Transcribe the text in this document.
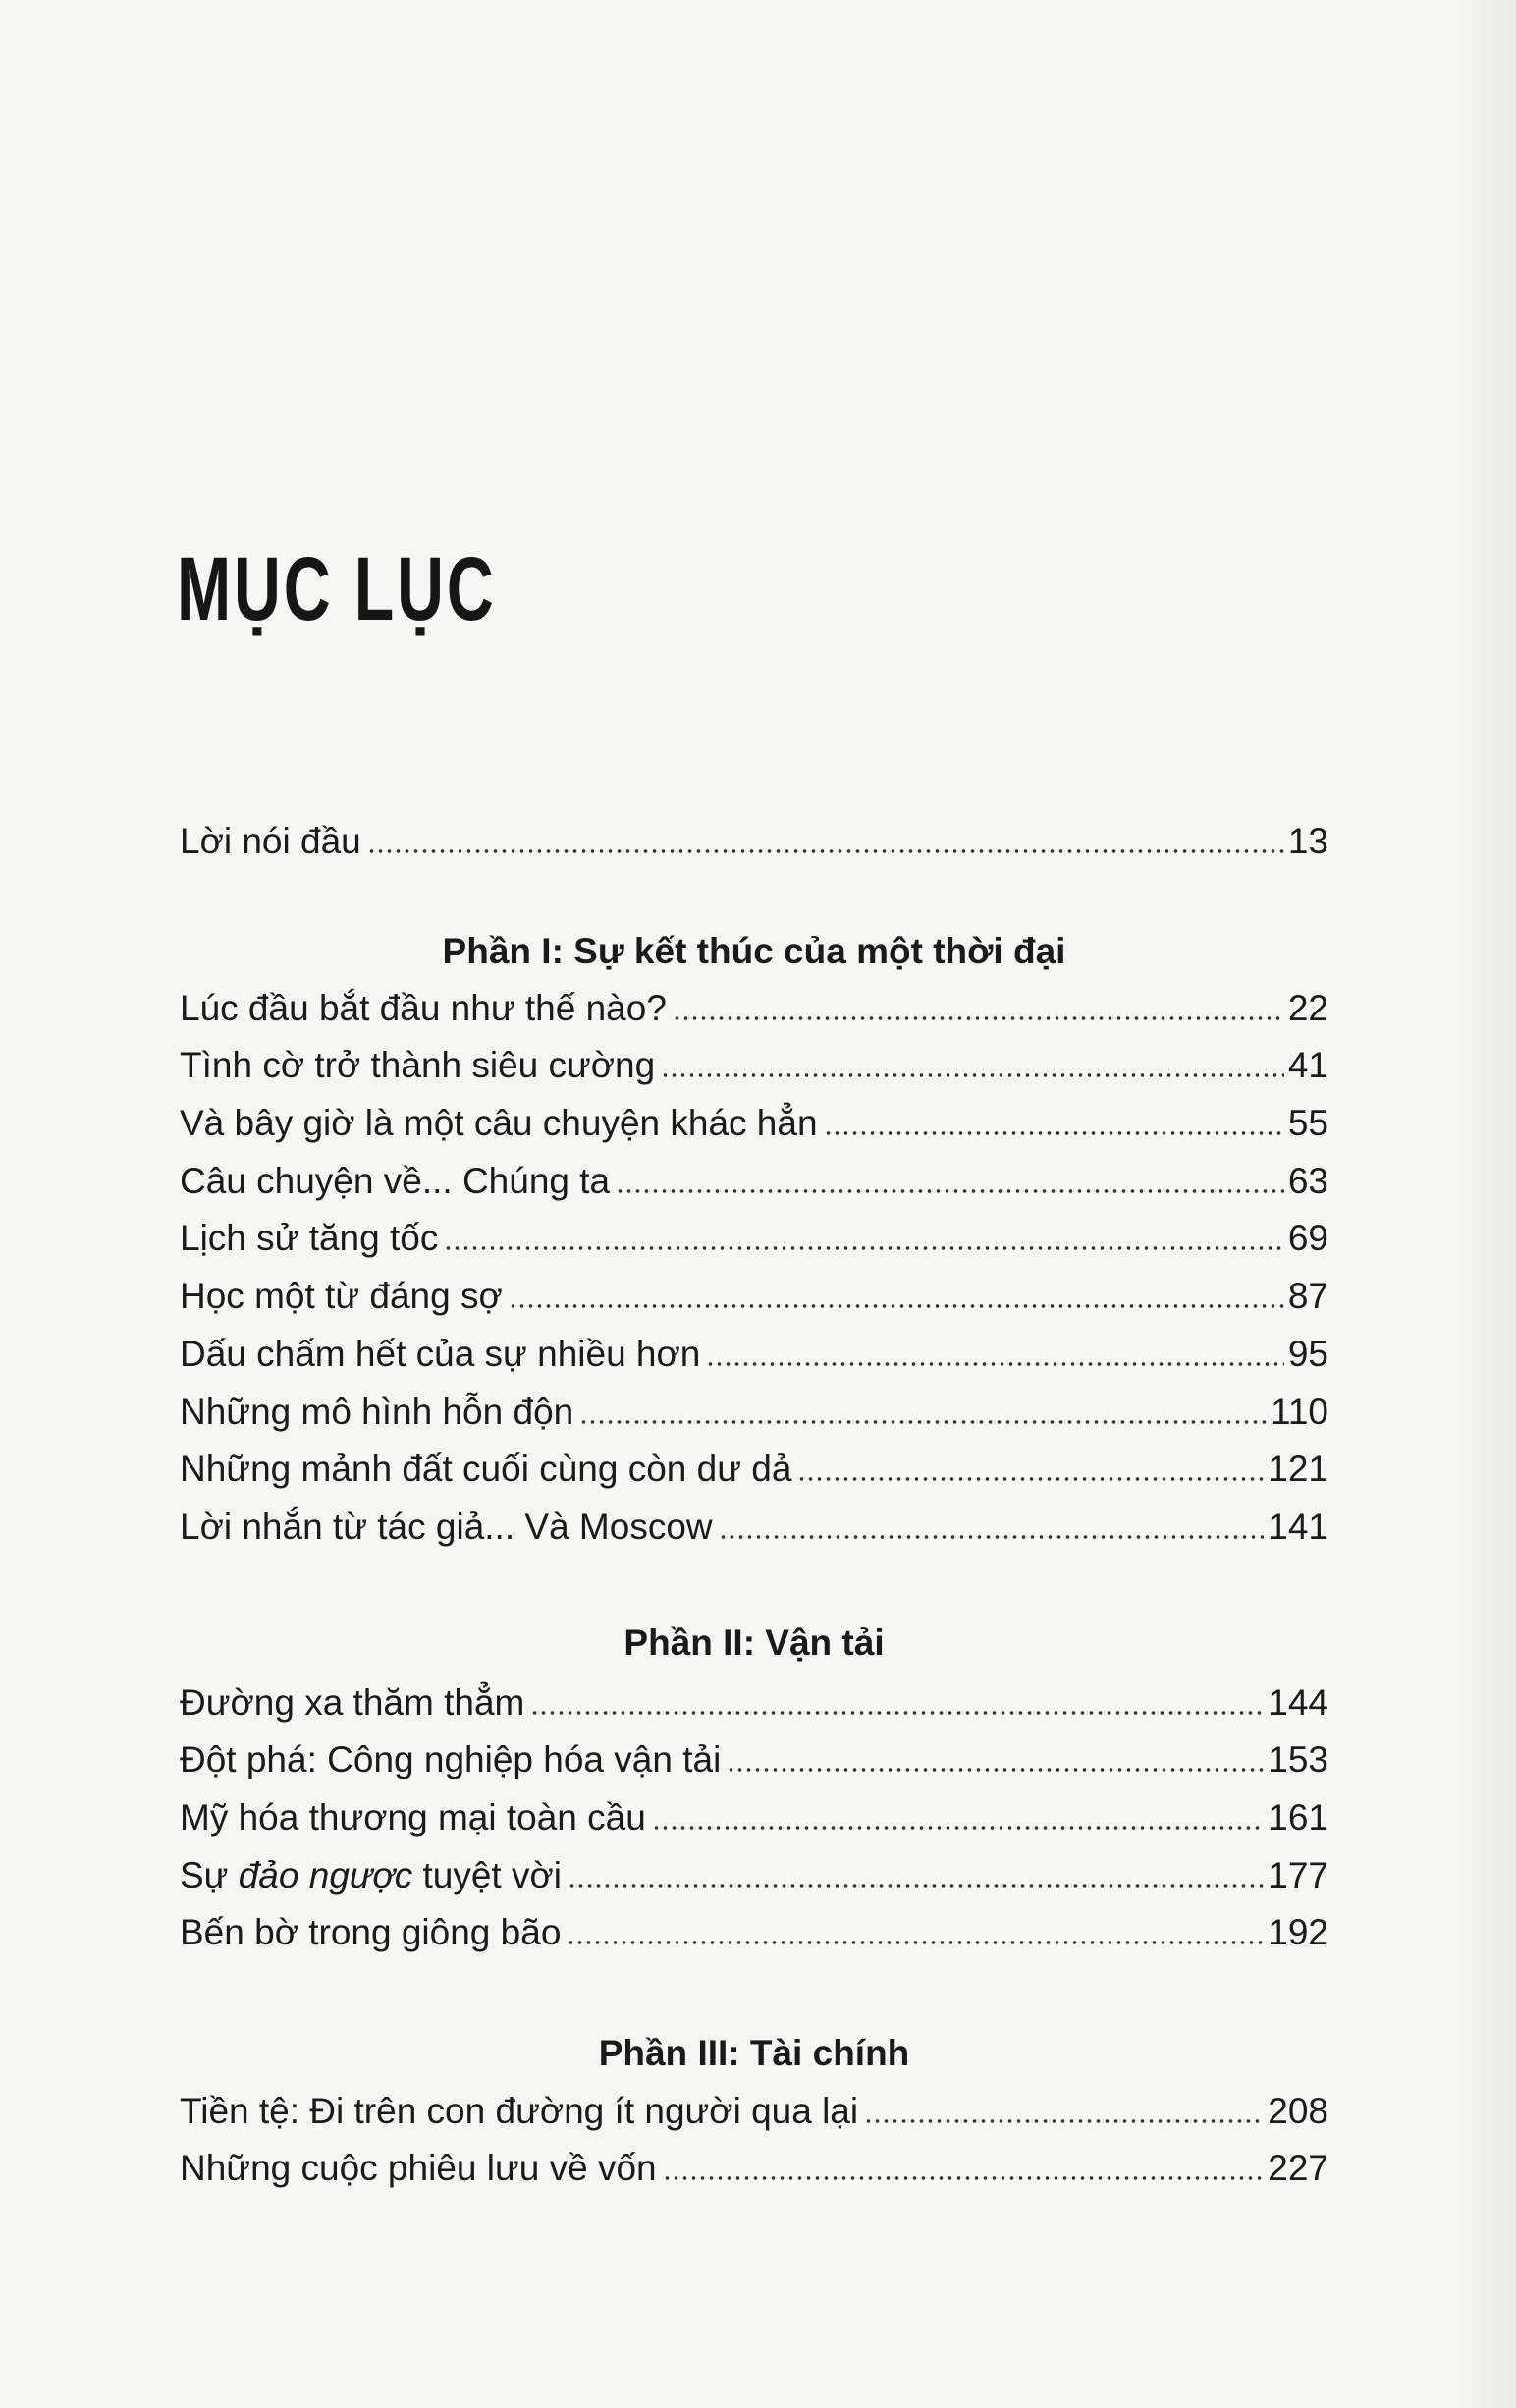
MỤC LỤC
Lời nói đầu	13
Phần I: Sự kết thúc của một thời đại
Lúc đầu bắt đầu như thế nào?	22
Tình cờ trở thành siêu cường	41
Và bây giờ là một câu chuyện khác hẳn	55
Câu chuyện về... Chúng ta	63
Lịch sử tăng tốc	69
Học một từ đáng sợ	87
Dấu chấm hết của sự nhiều hơn	95
Những mô hình hỗn độn	110
Những mảnh đất cuối cùng còn dư dả	121
Lời nhắn từ tác giả... Và Moscow	141
Phần II: Vận tải
Đường xa thăm thẳm	144
Đột phá: Công nghiệp hóa vận tải	153
Mỹ hóa thương mại toàn cầu	161
Sự đảo ngược tuyệt vời	177
Bến bờ trong giông bão	192
Phần III: Tài chính
Tiền tệ: Đi trên con đường ít người qua lại	208
Những cuộc phiêu lưu về vốn	227
